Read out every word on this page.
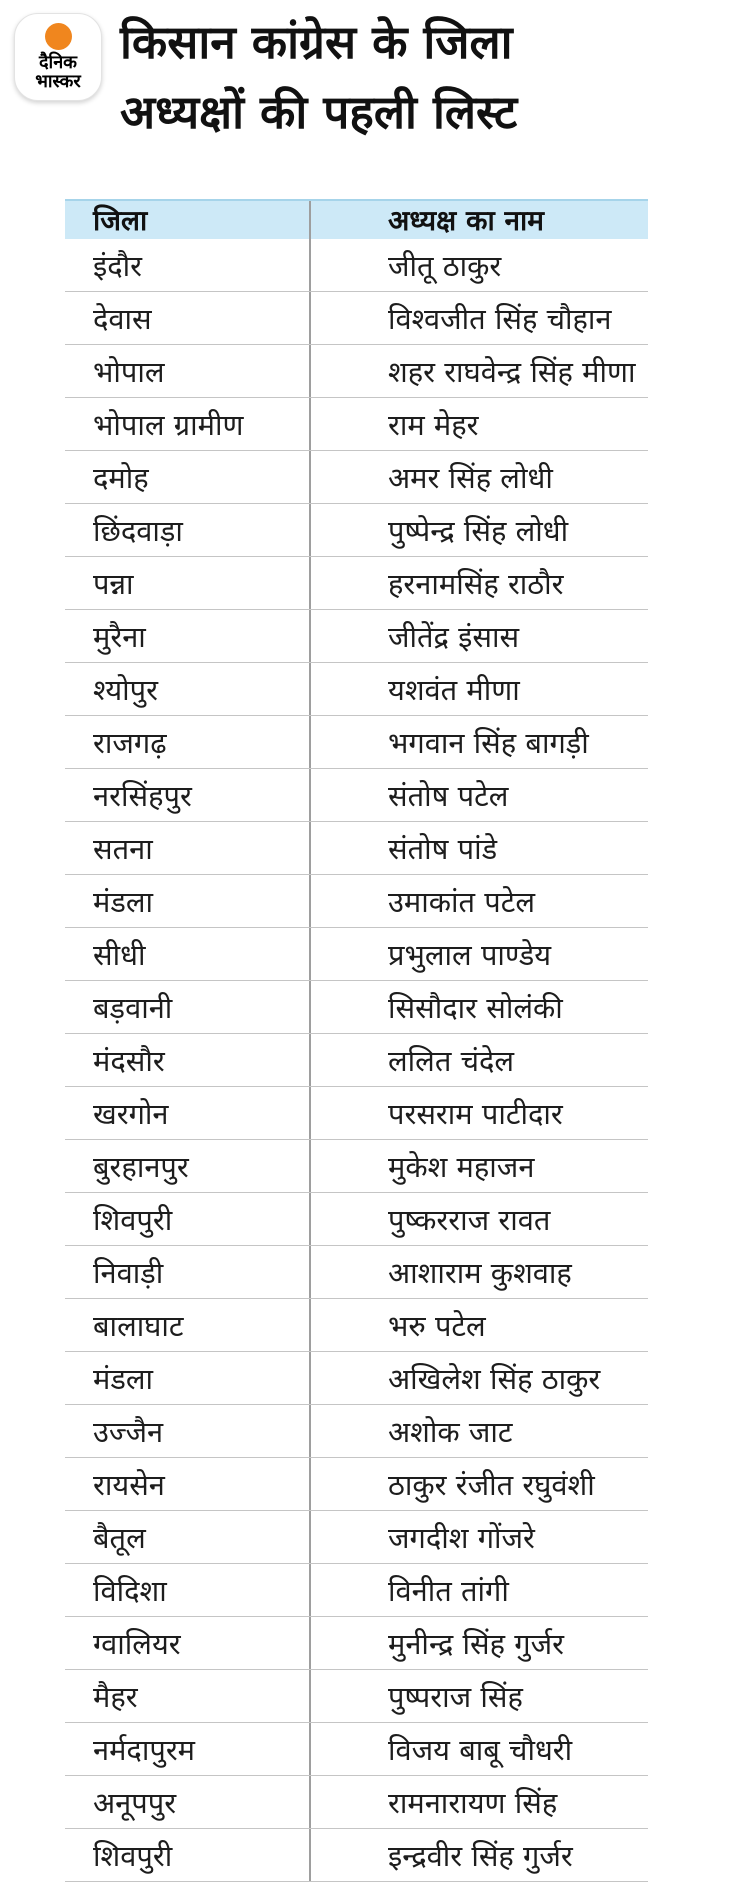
दैनिक
भास्कर
किसान कांग्रेस के जिला
अध्यक्षों की पहली लिस्ट
जिला	अध्यक्ष का नाम
इंदौर	जीतू ठाकुर
देवास	विश्वजीत सिंह चौहान
भोपाल	शहर राघवेन्द्र सिंह मीणा
भोपाल ग्रामीण	राम मेहर
दमोह	अमर सिंह लोधी
छिंदवाड़ा	पुष्पेन्द्र सिंह लोधी
पन्ना	हरनामसिंह राठौर
मुरैना	जीतेंद्र इंसास
श्योपुर	यशवंत मीणा
राजगढ़	भगवान सिंह बागड़ी
नरसिंहपुर	संतोष पटेल
सतना	संतोष पांडे
मंडला	उमाकांत पटेल
सीधी	प्रभुलाल पाण्डेय
बड़वानी	सिसौदार सोलंकी
मंदसौर	ललित चंदेल
खरगोन	परसराम पाटीदार
बुरहानपुर	मुकेश महाजन
शिवपुरी	पुष्करराज रावत
निवाड़ी	आशाराम कुशवाह
बालाघाट	भरु पटेल
मंडला	अखिलेश सिंह ठाकुर
उज्जैन	अशोक जाट
रायसेन	ठाकुर रंजीत रघुवंशी
बैतूल	जगदीश गोंजरे
विदिशा	विनीत तांगी
ग्वालियर	मुनीन्द्र सिंह गुर्जर
मैहर	पुष्पराज सिंह
नर्मदापुरम	विजय बाबू चौधरी
अनूपपुर	रामनारायण सिंह
शिवपुरी	इन्द्रवीर सिंह गुर्जर
